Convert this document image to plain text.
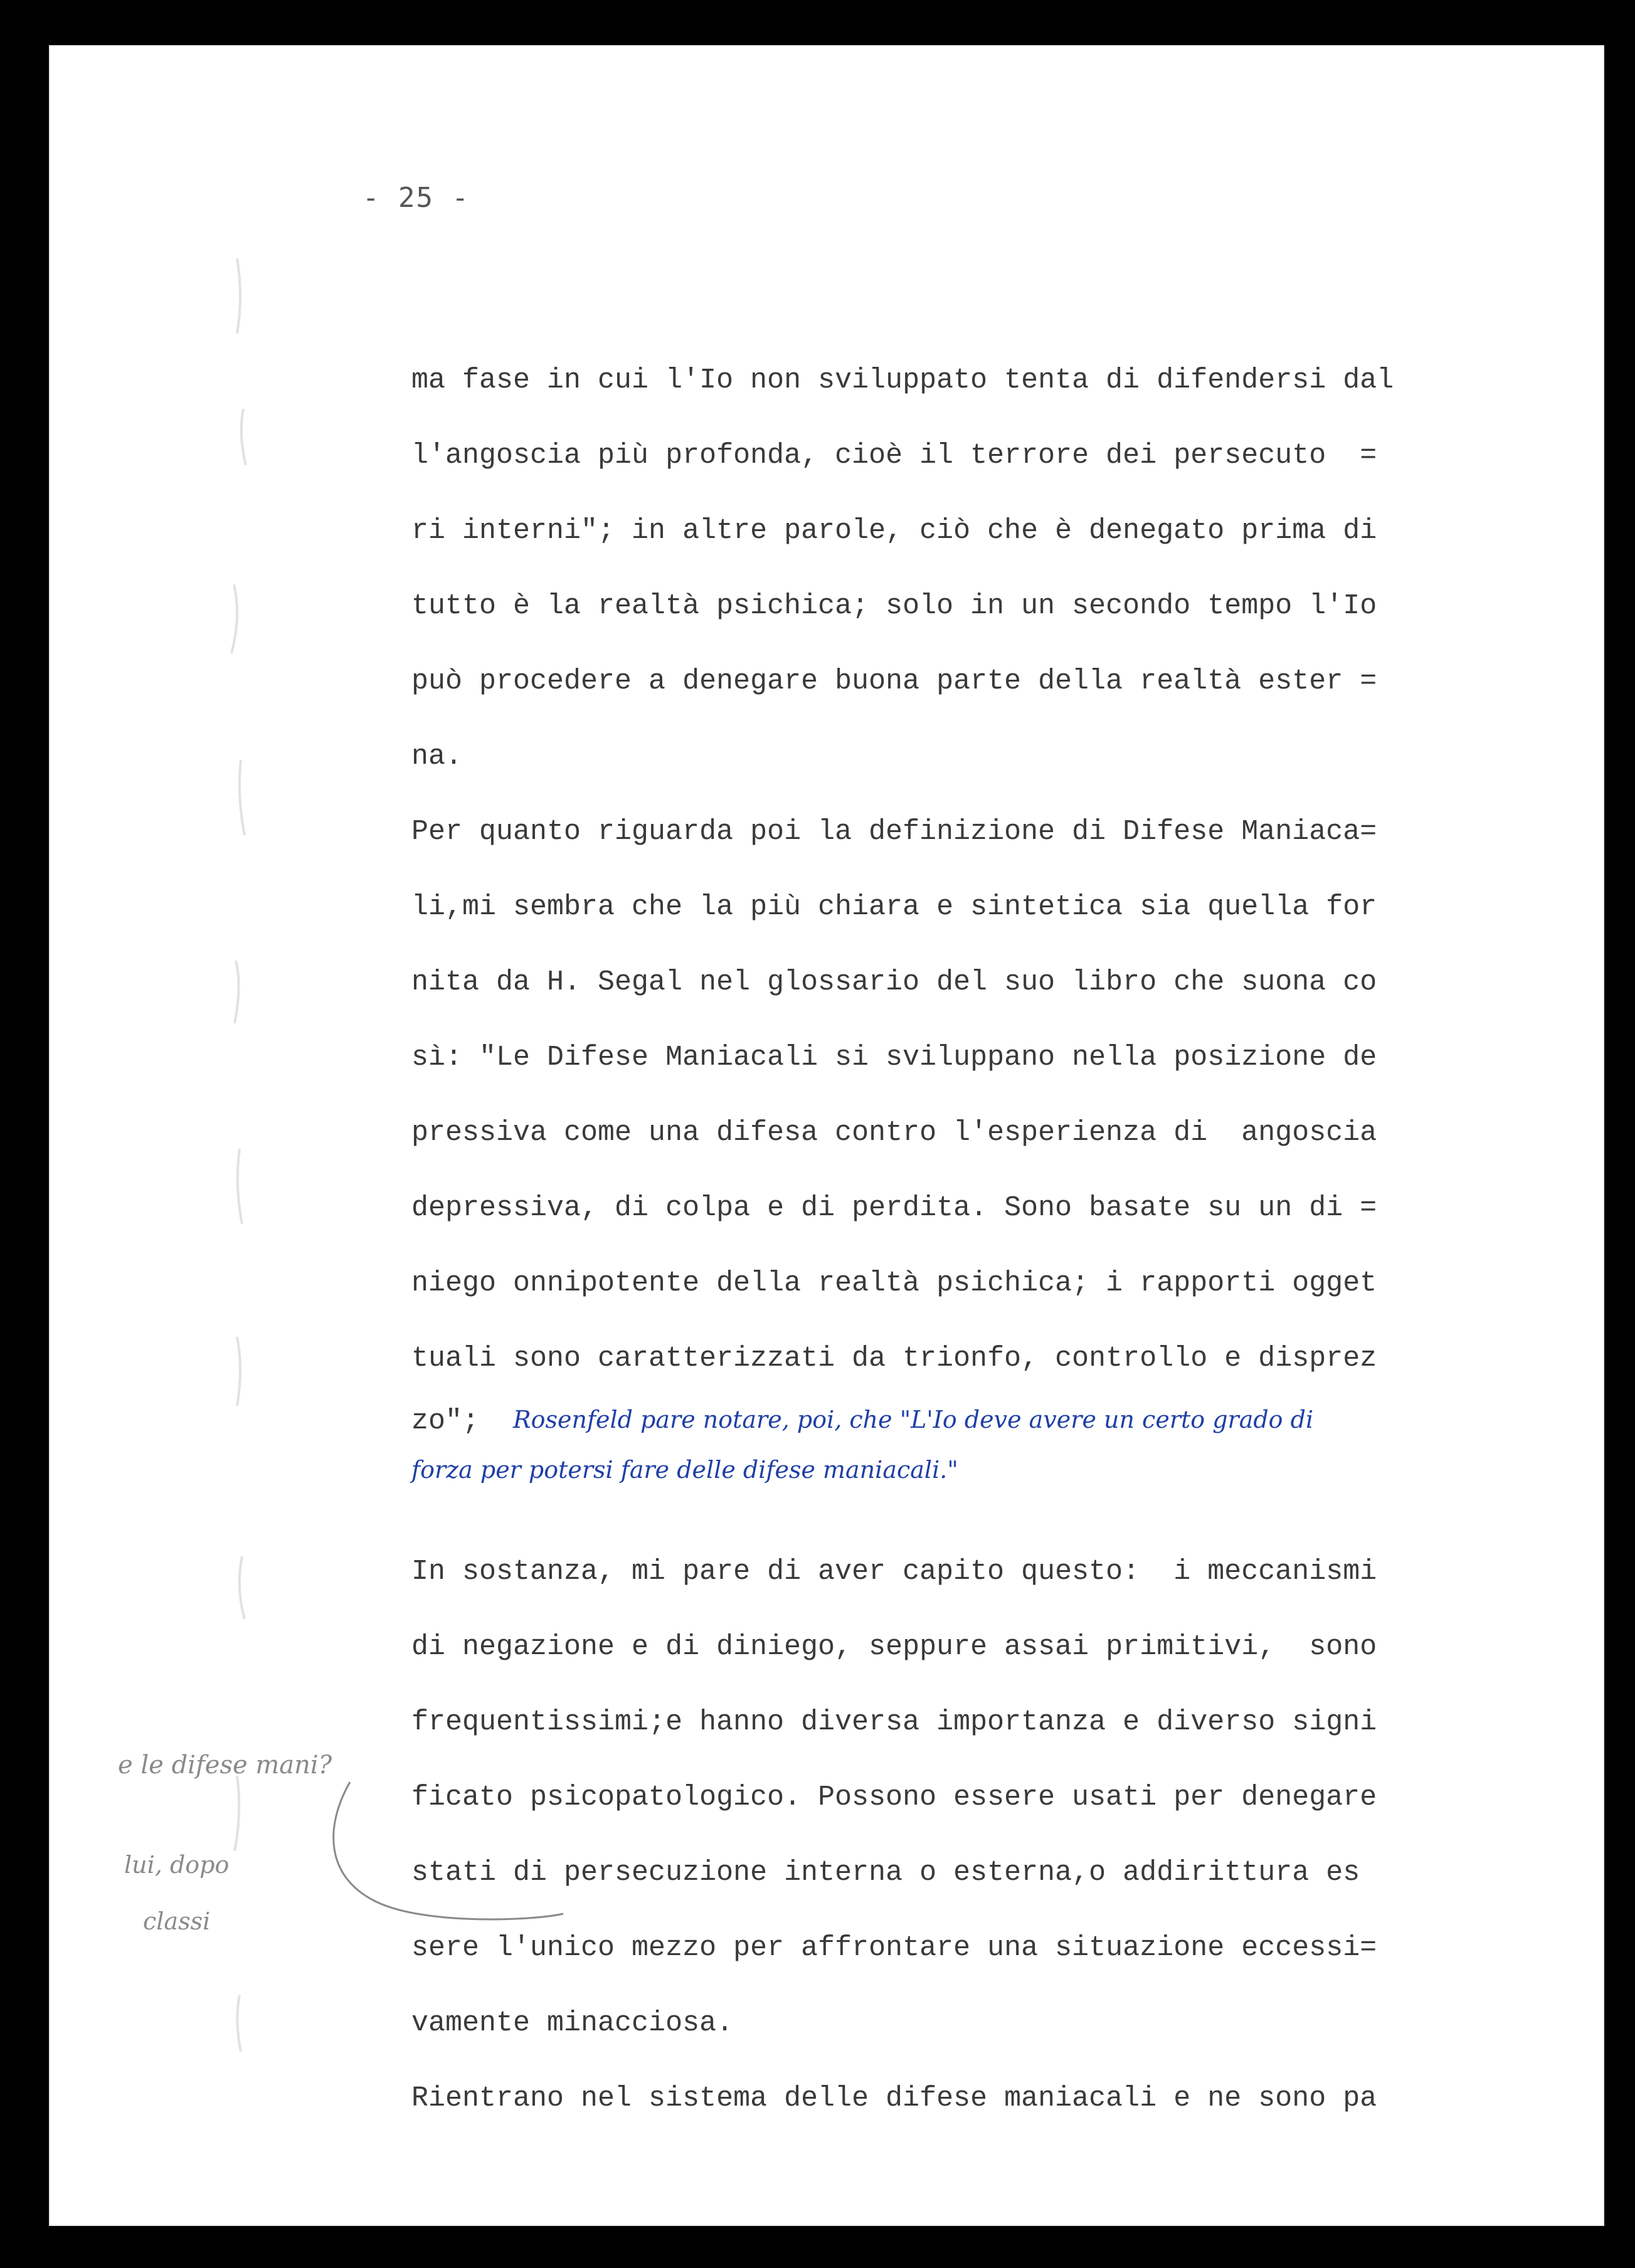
- 25 -
ma fase in cui l'Io non sviluppato tenta di difendersi dal
l'angoscia più profonda, cioè il terrore dei persecuto  =
ri interni"; in altre parole, ciò che è denegato prima di
tutto è la realtà psichica; solo in un secondo tempo l'Io
può procedere a denegare buona parte della realtà ester =
na.
Per quanto riguarda poi la definizione di Difese Maniaca=
li,mi sembra che la più chiara e sintetica sia quella for
nita da H. Segal nel glossario del suo libro che suona co
sì: "Le Difese Maniacali si sviluppano nella posizione de
pressiva come una difesa contro l'esperienza di  angoscia
depressiva, di colpa e di perdita. Sono basate su un di =
niego onnipotente della realtà psichica; i rapporti ogget
tuali sono caratterizzati da trionfo, controllo e disprez
zo";	Rosenfeld pare notare, poi, che "L'Io deve avere un certo grado di
forza per potersi fare delle difese maniacali."
In sostanza, mi pare di aver capito questo:  i meccanismi
di negazione e di diniego, seppure assai primitivi,  sono
frequentissimi;e hanno diversa importanza e diverso signi
ficato psicopatologico. Possono essere usati per denegare
stati di persecuzione interna o esterna,o addirittura es
sere l'unico mezzo per affrontare una situazione eccessi=
vamente minacciosa.
Rientrano nel sistema delle difese maniacali e ne sono pa
e le difese mani?
lui, dopo
classi
